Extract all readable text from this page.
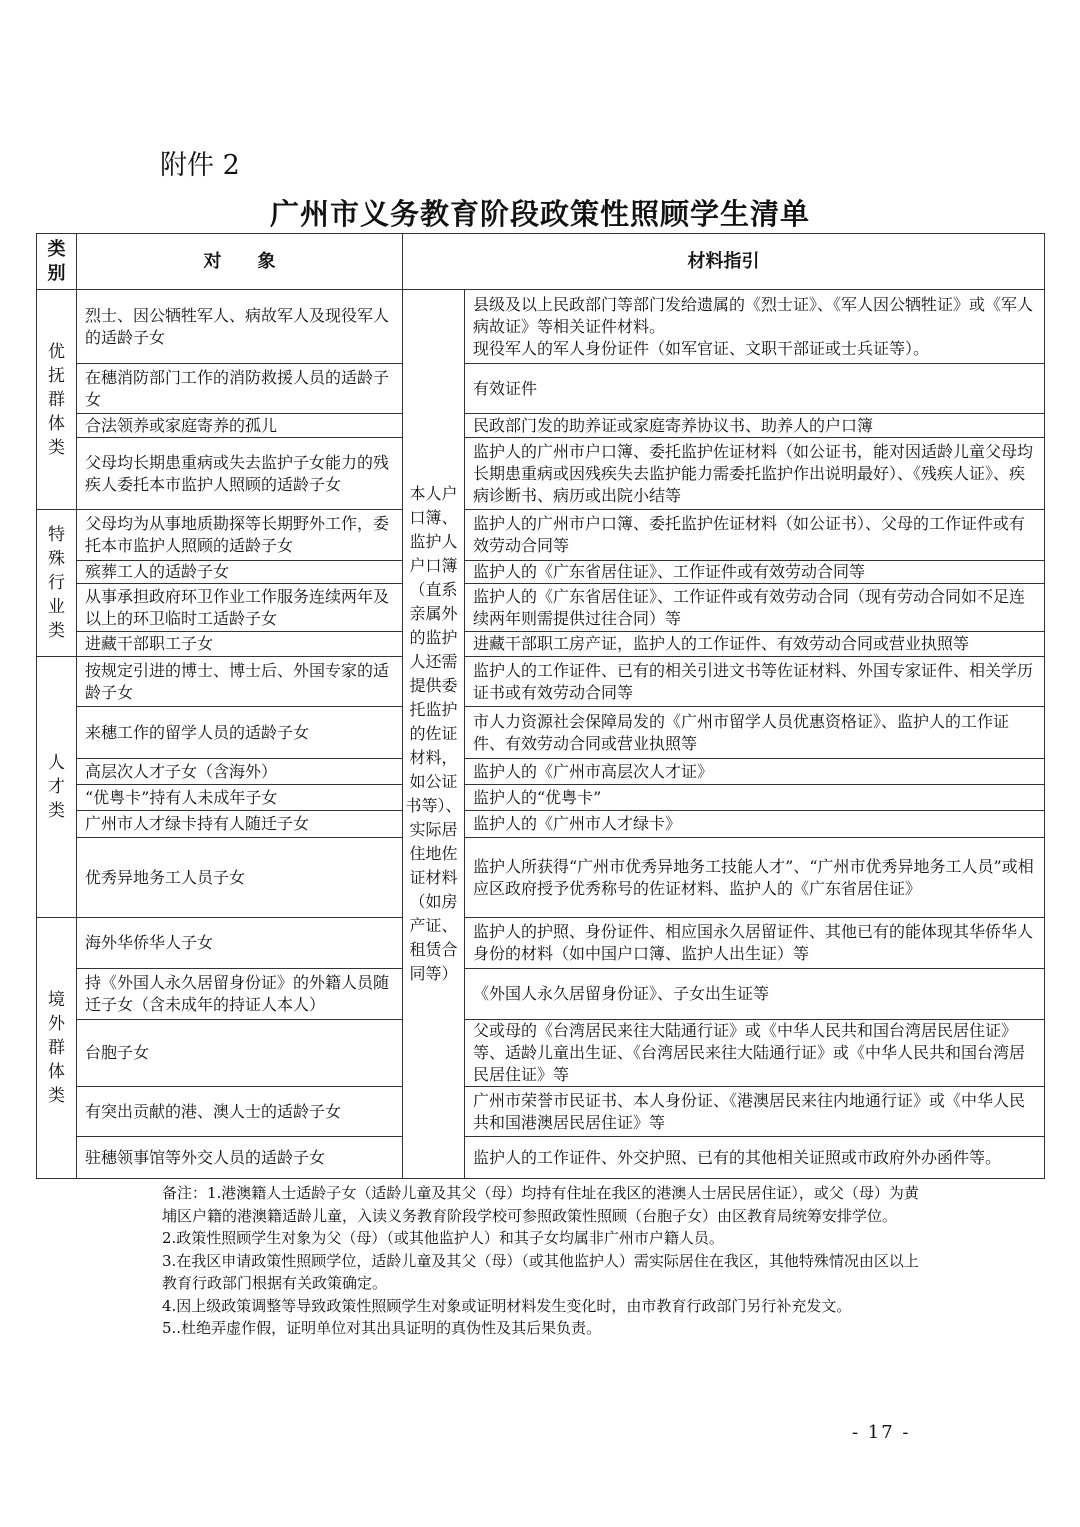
附件 2
广州市义务教育阶段政策性照顾学生清单
类
别	对　　象	材料指引	
优抚群体类	烈士、因公牺牲军人、病故军人及现役军人的适龄子女	本人户口簿、监护人户口簿（直系亲属外的监护人还需提供委托监护的佐证材料，如公证书等）、实际居住地佐证材料（如房产证、租赁合同等）	县级及以上民政部门等部门发给遗属的《烈士证》、《军人因公牺牲证》或《军人病故证》等相关证件材料。
现役军人的军人身份证件（如军官证、文职干部证或士兵证等）。
	在穗消防部门工作的消防救援人员的适龄子女		有效证件
	合法领养或家庭寄养的孤儿		民政部门发的助养证或家庭寄养协议书、助养人的户口簿
	父母均长期患重病或失去监护子女能力的残疾人委托本市监护人照顾的适龄子女		监护人的广州市户口簿、委托监护佐证材料（如公证书，能对因适龄儿童父母均长期患重病或因残疾失去监护能力需委托监护作出说明最好）、《残疾人证》、疾病诊断书、病历或出院小结等
特殊行业类	父母均为从事地质勘探等长期野外工作，委托本市监护人照顾的适龄子女		监护人的广州市户口簿、委托监护佐证材料（如公证书）、父母的工作证件或有效劳动合同等
	殡葬工人的适龄子女		监护人的《广东省居住证》、工作证件或有效劳动合同等
	从事承担政府环卫作业工作服务连续两年及以上的环卫临时工适龄子女		监护人的《广东省居住证》、工作证件或有效劳动合同（现有劳动合同如不足连续两年则需提供过往合同）等
	进藏干部职工子女		进藏干部职工房产证，监护人的工作证件、有效劳动合同或营业执照等
人才类	按规定引进的博士、博士后、外国专家的适龄子女		监护人的工作证件、已有的相关引进文书等佐证材料、外国专家证件、相关学历证书或有效劳动合同等
	来穗工作的留学人员的适龄子女		市人力资源社会保障局发的《广州市留学人员优惠资格证》、监护人的工作证件、有效劳动合同或营业执照等
	高层次人才子女（含海外）		监护人的《广州市高层次人才证》
	“优粤卡”持有人未成年子女		监护人的“优粤卡”
	广州市人才绿卡持有人随迁子女		监护人的《广州市人才绿卡》
	优秀异地务工人员子女		监护人所获得“广州市优秀异地务工技能人才”、“广州市优秀异地务工人员”或相应区政府授予优秀称号的佐证材料、监护人的《广东省居住证》
境外群体类	海外华侨华人子女		监护人的护照、身份证件、相应国永久居留证件、其他已有的能体现其华侨华人身份的材料（如中国户口簿、监护人出生证）等
	持《外国人永久居留身份证》的外籍人员随迁子女（含未成年的持证人本人）		《外国人永久居留身份证》、子女出生证等
	台胞子女		父或母的《台湾居民来往大陆通行证》或《中华人民共和国台湾居民居住证》等、适龄儿童出生证、《台湾居民来往大陆通行证》或《中华人民共和国台湾居民居住证》等
	有突出贡献的港、澳人士的适龄子女		广州市荣誉市民证书、本人身份证、《港澳居民来往内地通行证》或《中华人民共和国港澳居民居住证》等
	驻穗领事馆等外交人员的适龄子女		监护人的工作证件、外交护照、已有的其他相关证照或市政府外办函件等。

备注：1.港澳籍人士适龄子女（适龄儿童及其父（母）均持有住址在我区的港澳人士居民居住证），或父（母）为黄埔区户籍的港澳籍适龄儿童，入读义务教育阶段学校可参照政策性照顾（台胞子女）由区教育局统筹安排学位。

2.政策性照顾学生对象为父（母）（或其他监护人）和其子女均属非广州市户籍人员。

3.在我区申请政策性照顾学位，适龄儿童及其父（母）（或其他监护人）需实际居住在我区，其他特殊情况由区以上教育行政部门根据有关政策确定。

4.因上级政策调整等导致政策性照顾学生对象或证明材料发生变化时，由市教育行政部门另行补充发文。

5..杜绝弄虚作假，证明单位对其出具证明的真伪性及其后果负责。

- 17 -
